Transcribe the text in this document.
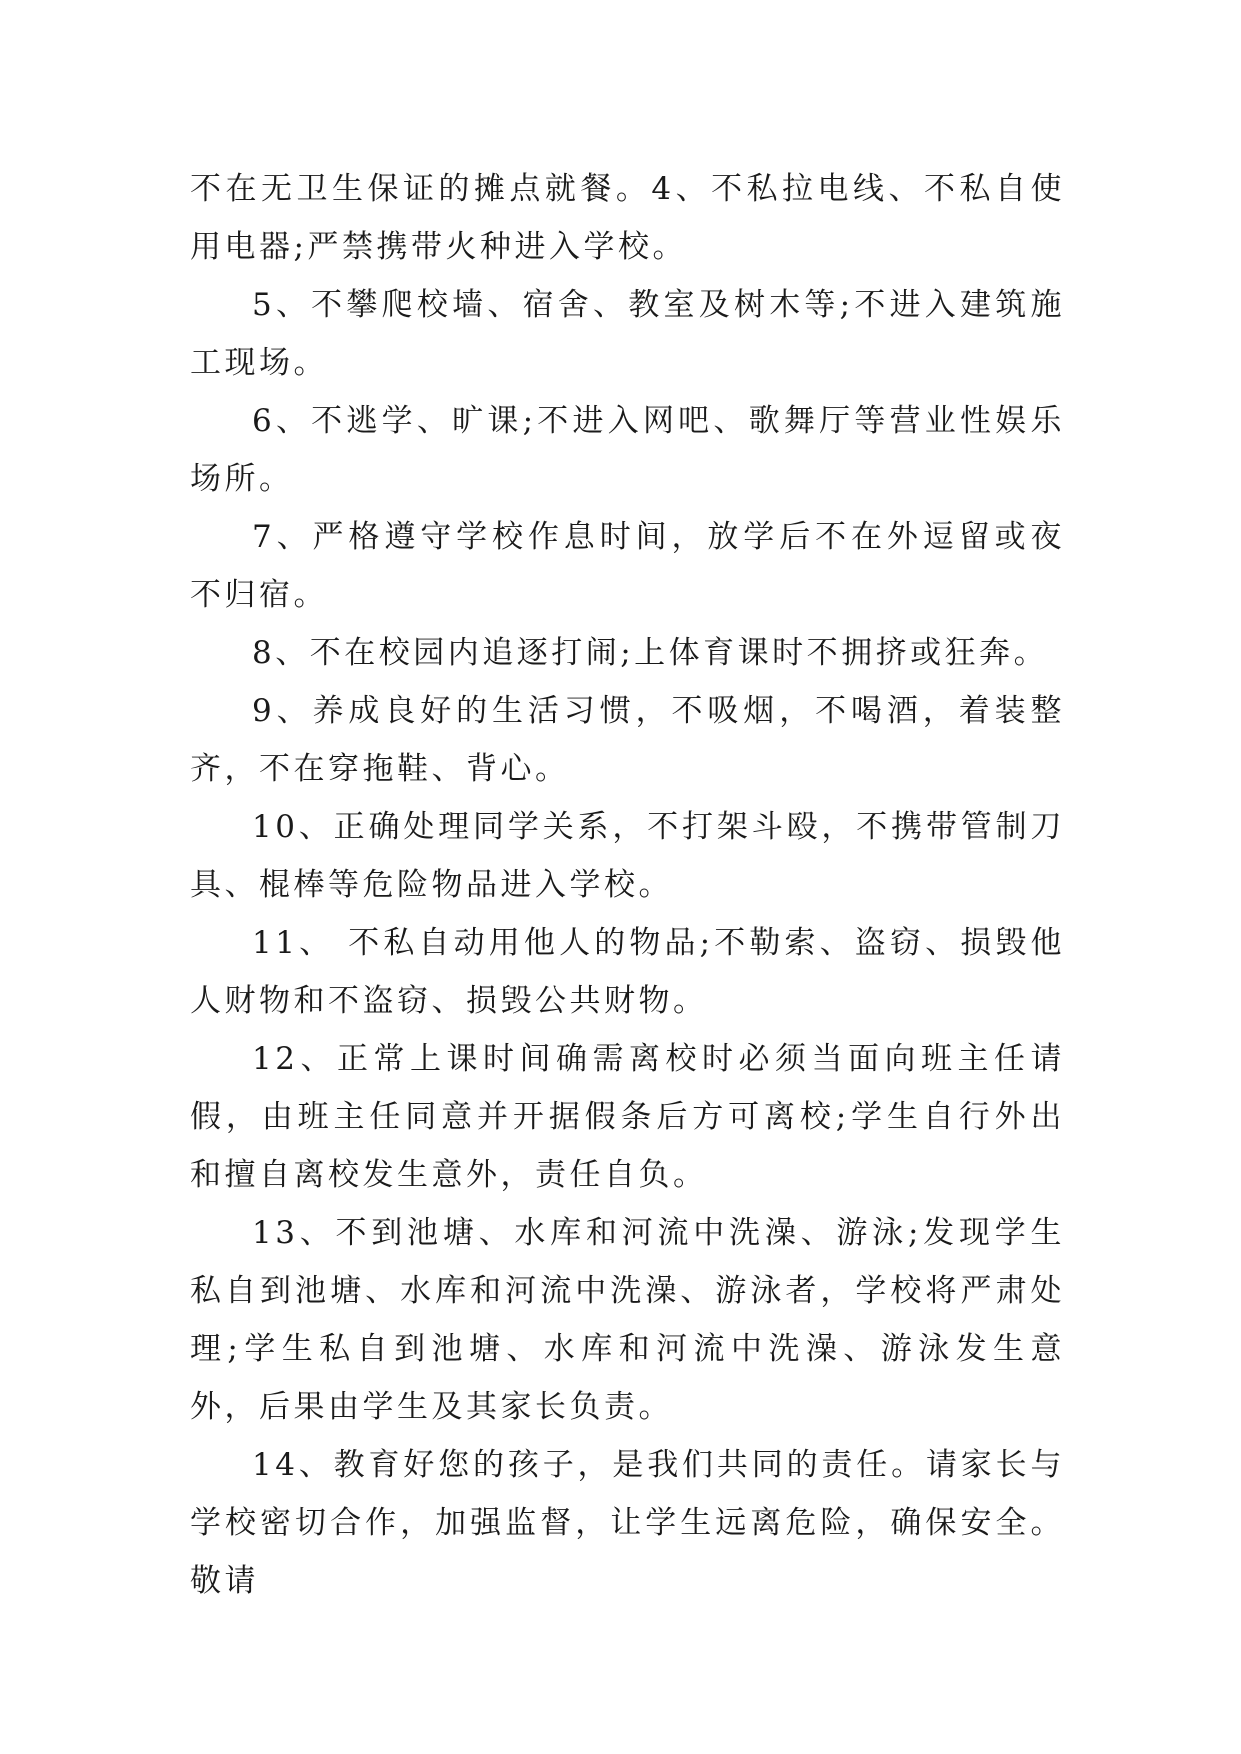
不在无卫生保证的摊点就餐。4、不私拉电线、不私自使用电器;严禁携带火种进入学校。

5、不攀爬校墙、宿舍、教室及树木等;不进入建筑施工现场。

6、不逃学、旷课;不进入网吧、歌舞厅等营业性娱乐场所。

7、严格遵守学校作息时间，放学后不在外逗留或夜不归宿。

8、不在校园内追逐打闹;上体育课时不拥挤或狂奔。

9、养成良好的生活习惯，不吸烟，不喝酒，着装整齐，不在穿拖鞋、背心。

10、正确处理同学关系，不打架斗殴，不携带管制刀具、棍棒等危险物品进入学校。

11、 不私自动用他人的物品;不勒索、盗窃、损毁他人财物和不盗窃、损毁公共财物。

12、正常上课时间确需离校时必须当面向班主任请假，由班主任同意并开据假条后方可离校;学生自行外出和擅自离校发生意外，责任自负。

13、不到池塘、水库和河流中洗澡、游泳;发现学生私自到池塘、水库和河流中洗澡、游泳者，学校将严肃处理;学生私自到池塘、水库和河流中洗澡、游泳发生意外，后果由学生及其家长负责。

14、教育好您的孩子，是我们共同的责任。请家长与学校密切合作，加强监督，让学生远离危险，确保安全。敬请
